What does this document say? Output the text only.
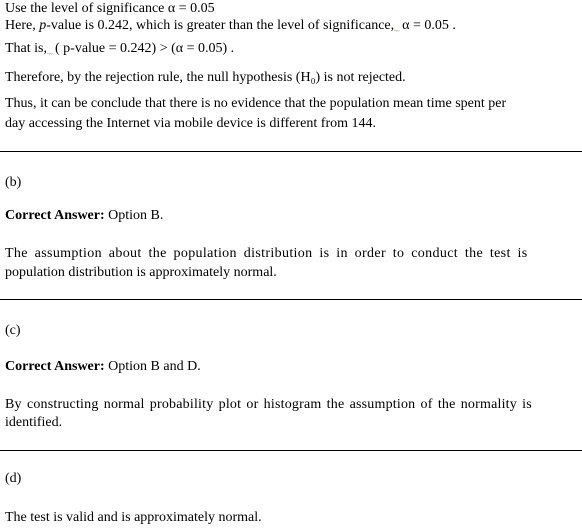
Use the level of significance α = 0.05
Here, p-value is 0.242, which is greater than the level of $significance,_{\sim\sim}$ α = 0.05 .
That $is,_{\sim\sim}$ ( p-value = 0.242) > (α = 0.05) .
Therefore, by the rejection rule, the null hypothesis (H₀) is not rejected.
Thus, it can be conclude that there is no evidence that the population mean time spent per
day accessing the Internet via mobile device is different from 144.
(b)
Correct Answer: Option B.
The assumption about the population distribution is in order to conduct the test is
population distribution is approximately normal.
(c)
Correct Answer: Option B and D.
By constructing normal probability plot or histogram the assumption of the normality is
identified.
(d)
The test is valid and is approximately normal.
